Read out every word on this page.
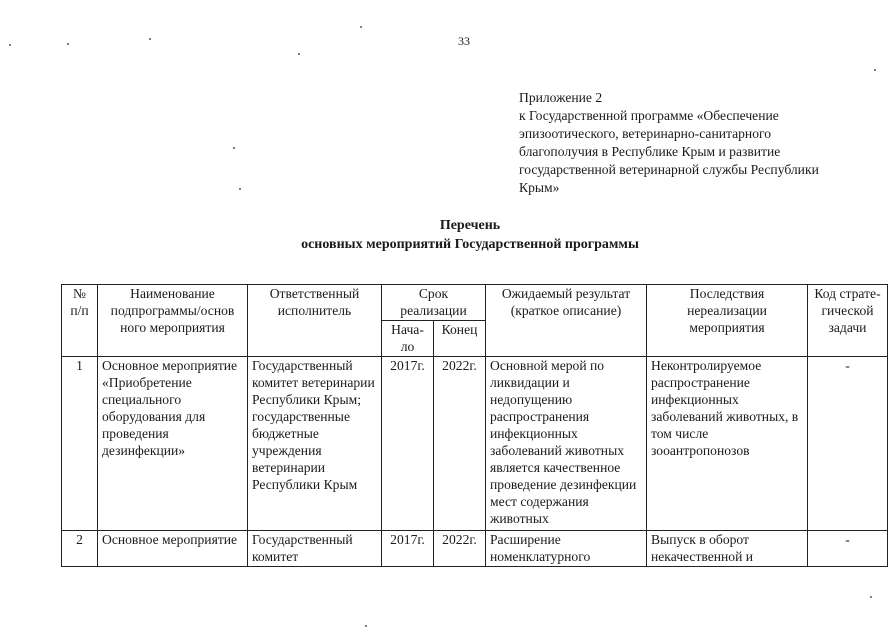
33
Приложение 2
к Государственной программе «Обеспечение
эпизоотического, ветеринарно-санитарного
благополучия в Республике Крым и развитие
государственной ветеринарной службы Республики
Крым»
Перечень
основных мероприятий Государственной программы
№ п/п	Наименование подпрограммы/основ ного мероприятия	Ответственный исполнитель	Срок реализации		Ожидаемый результат (краткое описание)	Последствия нереализации мероприятия	Код страте-гической задачи
			Нача-ло	Конец			
1	Основное мероприятие «Приобретение специального оборудования для проведения дезинфекции»	Государственный комитет ветеринарии Республики Крым; государственные бюджетные учреждения ветеринарии Республики Крым	2017г.	2022г.	Основной мерой по ликвидации и недопущению распространения инфекционных заболеваний животных является качественное проведение дезинфекции мест содержания животных	Неконтролируемое распространение инфекционных заболеваний животных, в том числе зооантропонозов	-
2	Основное мероприятие	Государственный комитет	2017г.	2022г.	Расширение номенклатурного	Выпуск в оборот некачественной и	-
